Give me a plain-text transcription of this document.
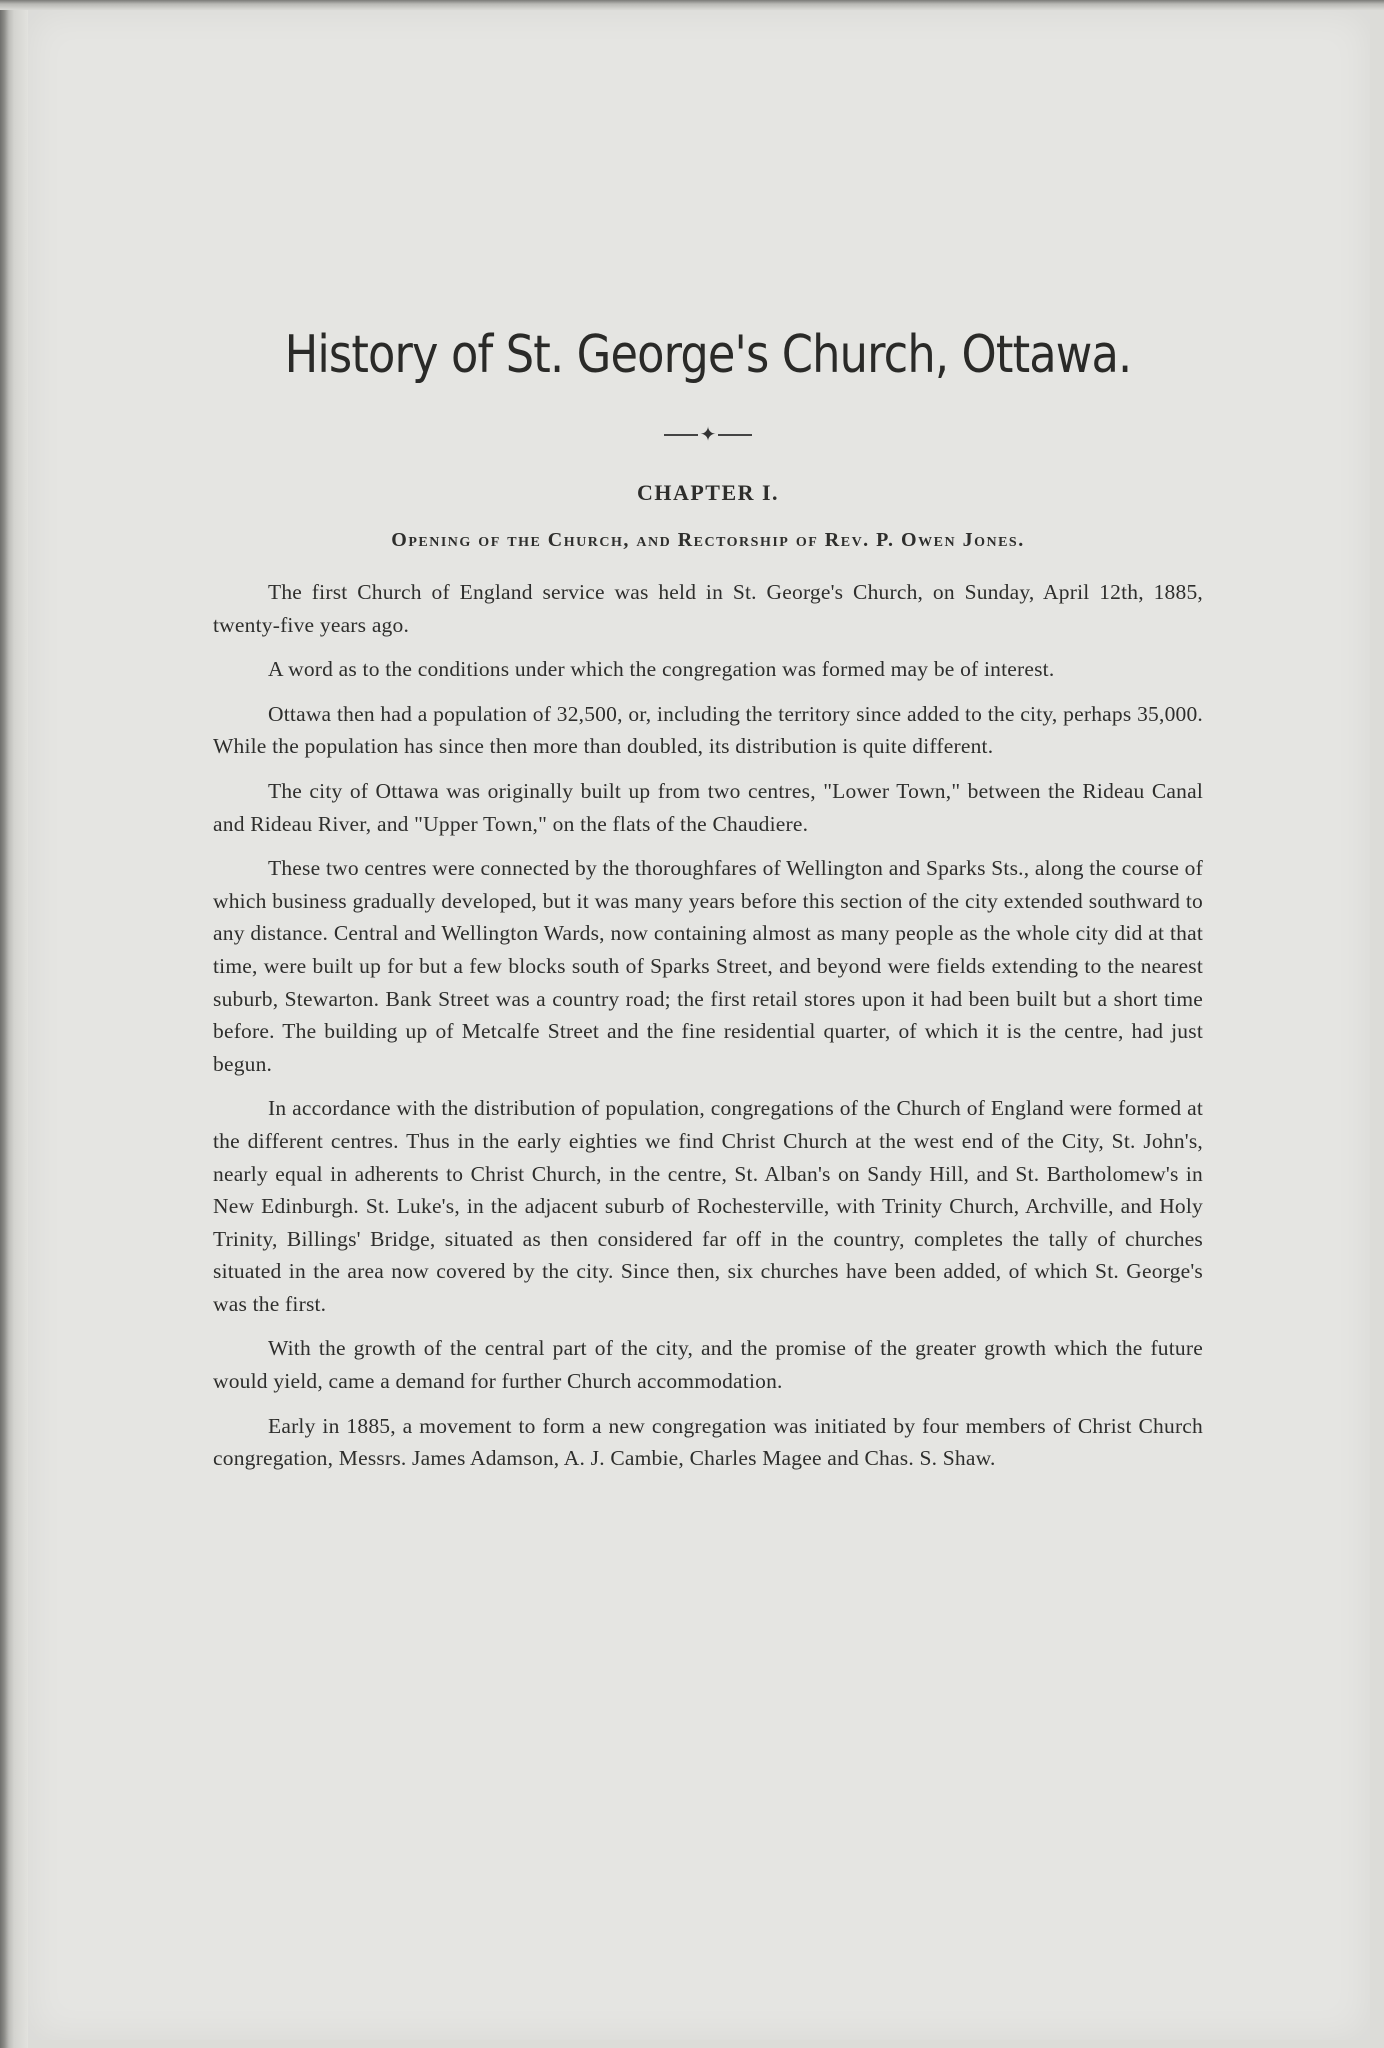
History of St. George's Church, Ottawa.
✦
CHAPTER I.
Opening of the Church, and Rectorship of Rev. P. Owen Jones.

The first Church of England service was held in St. George's Church, on Sunday, April 12th, 1885, twenty-five years ago.

A word as to the conditions under which the congregation was formed may be of interest.

Ottawa then had a population of 32,500, or, including the territory since added to the city, perhaps 35,000. While the population has since then more than doubled, its distribution is quite different.

The city of Ottawa was originally built up from two centres, "Lower Town," between the Rideau Canal and Rideau River, and "Upper Town," on the flats of the Chaudiere.

These two centres were connected by the thoroughfares of Wellington and Sparks Sts., along the course of which business gradually developed, but it was many years before this section of the city extended southward to any distance. Central and Wellington Wards, now containing almost as many people as the whole city did at that time, were built up for but a few blocks south of Sparks Street, and beyond were fields extending to the nearest suburb, Stewarton. Bank Street was a country road; the first retail stores upon it had been built but a short time before. The building up of Metcalfe Street and the fine residential quarter, of which it is the centre, had just begun.

In accordance with the distribution of population, congregations of the Church of England were formed at the different centres. Thus in the early eighties we find Christ Church at the west end of the City, St. John's, nearly equal in adherents to Christ Church, in the centre, St. Alban's on Sandy Hill, and St. Bartholomew's in New Edinburgh. St. Luke's, in the adjacent suburb of Rochesterville, with Trinity Church, Archville, and Holy Trinity, Billings' Bridge, situated as then considered far off in the country, completes the tally of churches situated in the area now covered by the city. Since then, six churches have been added, of which St. George's was the first.

With the growth of the central part of the city, and the promise of the greater growth which the future would yield, came a demand for further Church accommodation.

Early in 1885, a movement to form a new congregation was initiated by four members of Christ Church congregation, Messrs. James Adamson, A. J. Cambie, Charles Magee and Chas. S. Shaw.
